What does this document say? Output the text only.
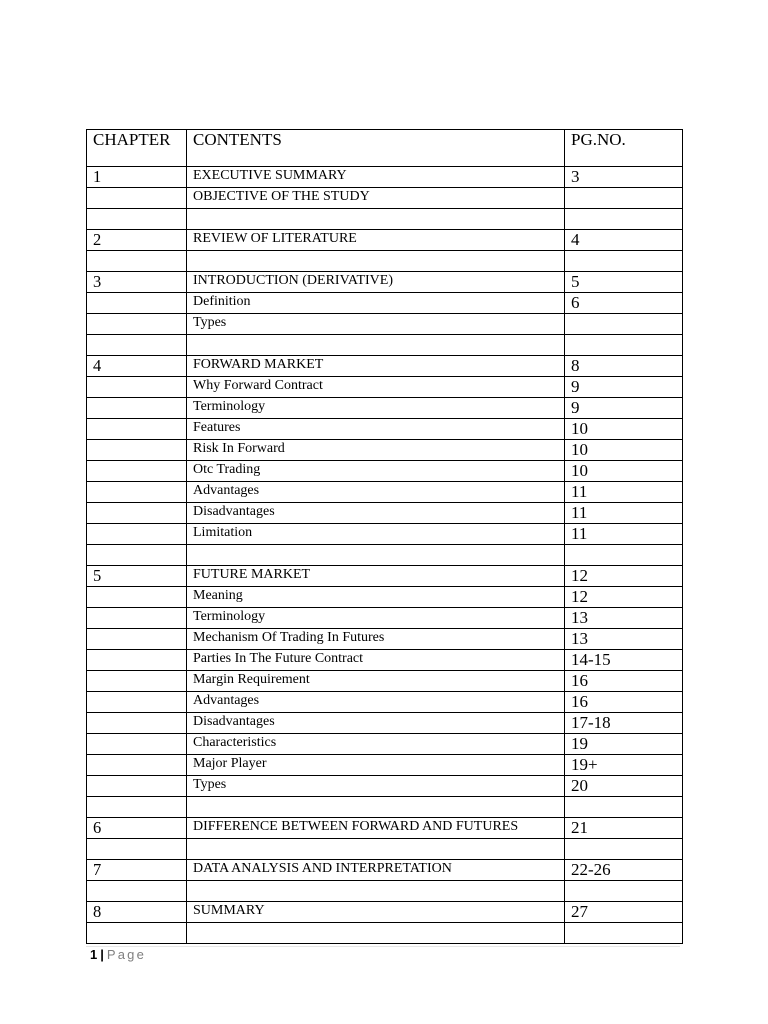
CHAPTER	CONTENTS	PG.NO.
1	EXECUTIVE SUMMARY	3
	OBJECTIVE OF THE STUDY	

2	REVIEW OF LITERATURE	4

3	INTRODUCTION (DERIVATIVE)	5
	Definition	6
	Types	

4	FORWARD MARKET	8
	Why Forward Contract	9
	Terminology	9
	Features	10
	Risk In Forward	10
	Otc Trading	10
	Advantages	11
	Disadvantages	11
	Limitation	11

5	FUTURE MARKET	12
	Meaning	12
	Terminology	13
	Mechanism Of Trading In Futures	13
	Parties In The Future Contract	14-15
	Margin Requirement	16
	Advantages	16
	Disadvantages	17-18
	Characteristics	19
	Major Player	19+
	Types	20

6	DIFFERENCE BETWEEN FORWARD AND FUTURES	21

7	DATA ANALYSIS AND INTERPRETATION	22-26

8	SUMMARY	27

1 | Page
